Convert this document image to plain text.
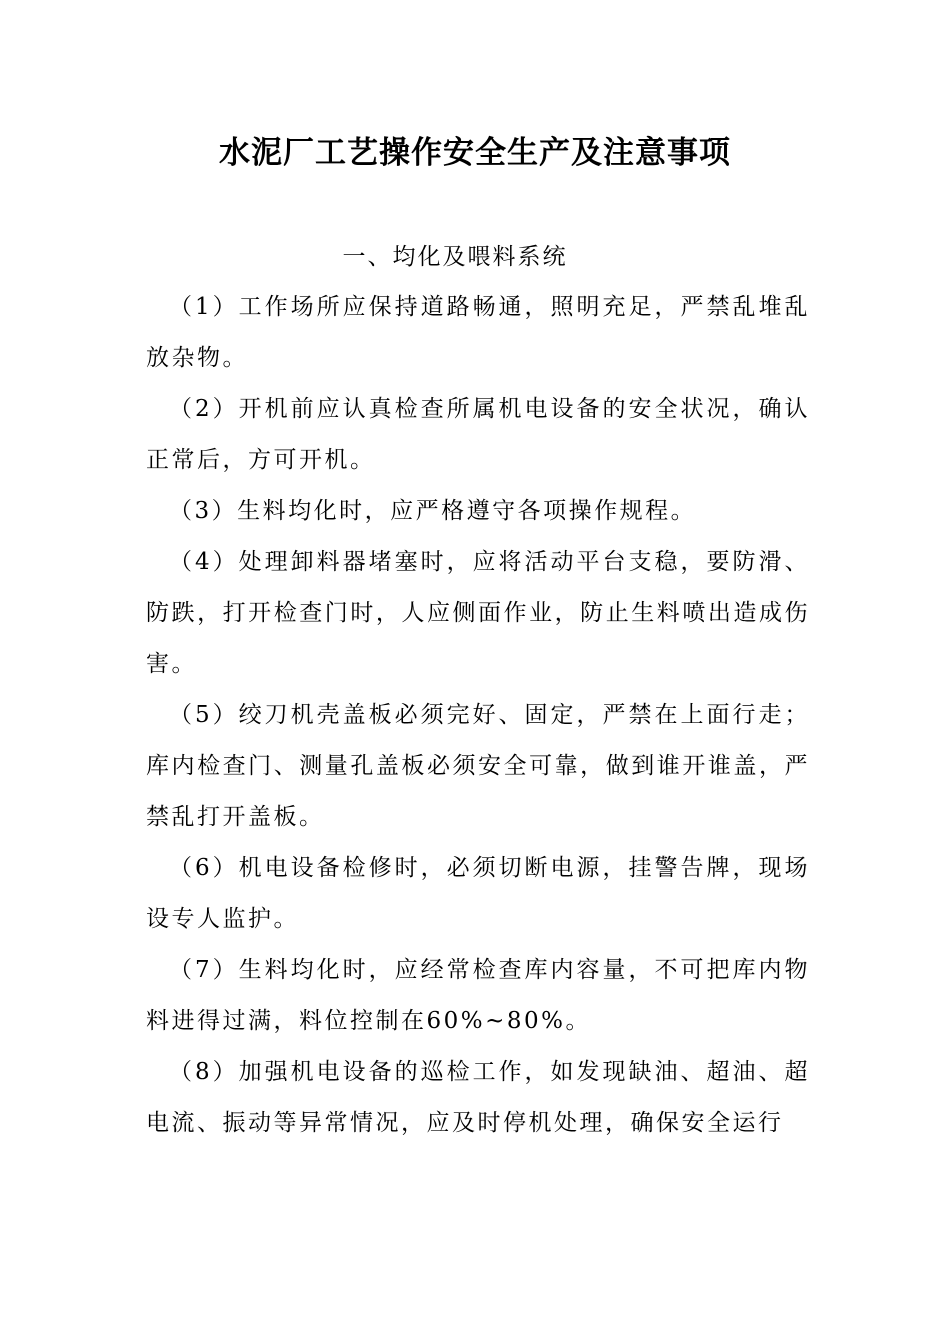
水泥厂工艺操作安全生产及注意事项
一、均化及喂料系统

（1）工作场所应保持道路畅通，照明充足，严禁乱堆乱放杂物。

（2）开机前应认真检查所属机电设备的安全状况，确认正常后，方可开机。

（3）生料均化时，应严格遵守各项操作规程。

（4）处理卸料器堵塞时，应将活动平台支稳，要防滑、防跌，打开检查门时，人应侧面作业，防止生料喷出造成伤害。

（5）绞刀机壳盖板必须完好、固定，严禁在上面行走；库内检查门、测量孔盖板必须安全可靠，做到谁开谁盖，严禁乱打开盖板。

（6）机电设备检修时，必须切断电源，挂警告牌，现场设专人监护。

（7）生料均化时，应经常检查库内容量，不可把库内物料进得过满，料位控制在60%~80%。

（8）加强机电设备的巡检工作，如发现缺油、超油、超电流、振动等异常情况，应及时停机处理，确保安全运行
